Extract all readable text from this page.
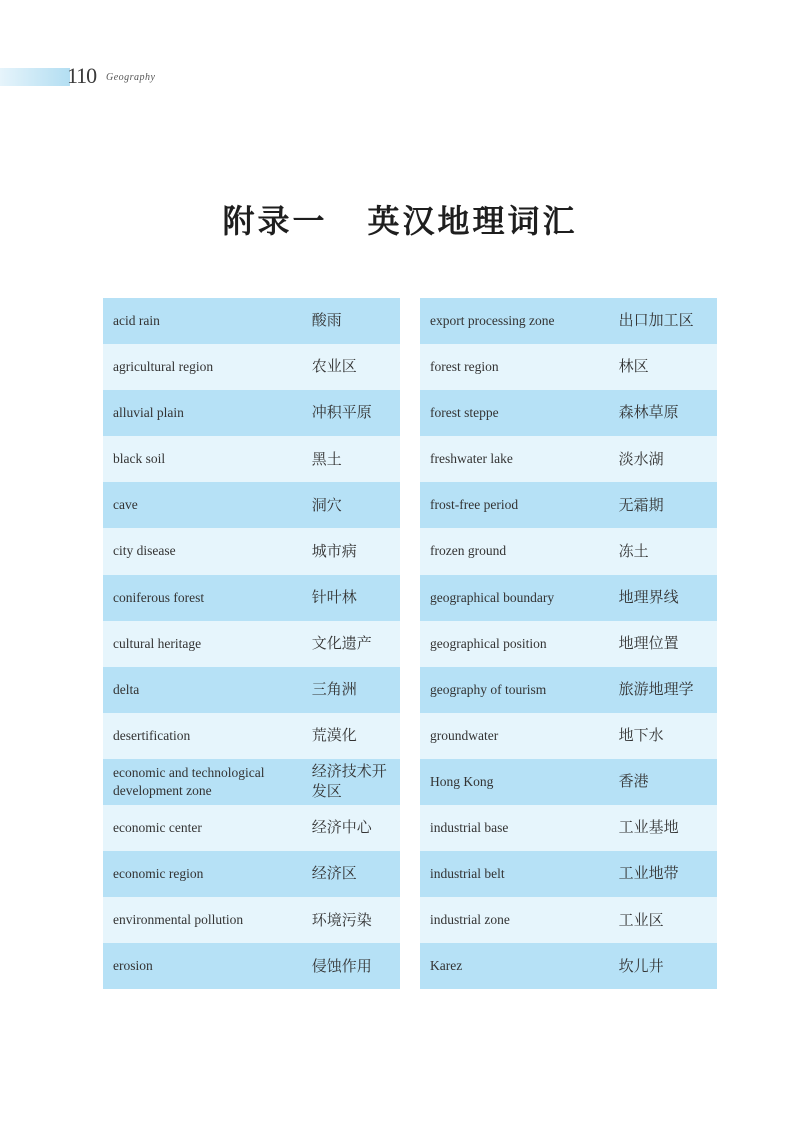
110 Geography
附录一 英汉地理词汇
acid rain	酸雨
agricultural region	农业区
alluvial plain	冲积平原
black soil	黑土
cave	洞穴
city disease	城市病
coniferous forest	针叶林
cultural heritage	文化遗产
delta	三角洲
desertification	荒漠化
economic and technological development zone	经济技术开发区
economic center	经济中心
economic region	经济区
environmental pollution	环境污染
erosion	侵蚀作用
export processing zone	出口加工区
forest region	林区
forest steppe	森林草原
freshwater lake	淡水湖
frost-free period	无霜期
frozen ground	冻土
geographical boundary	地理界线
geographical position	地理位置
geography of tourism	旅游地理学
groundwater	地下水
Hong Kong	香港
industrial base	工业基地
industrial belt	工业地带
industrial zone	工业区
Karez	坎儿井
